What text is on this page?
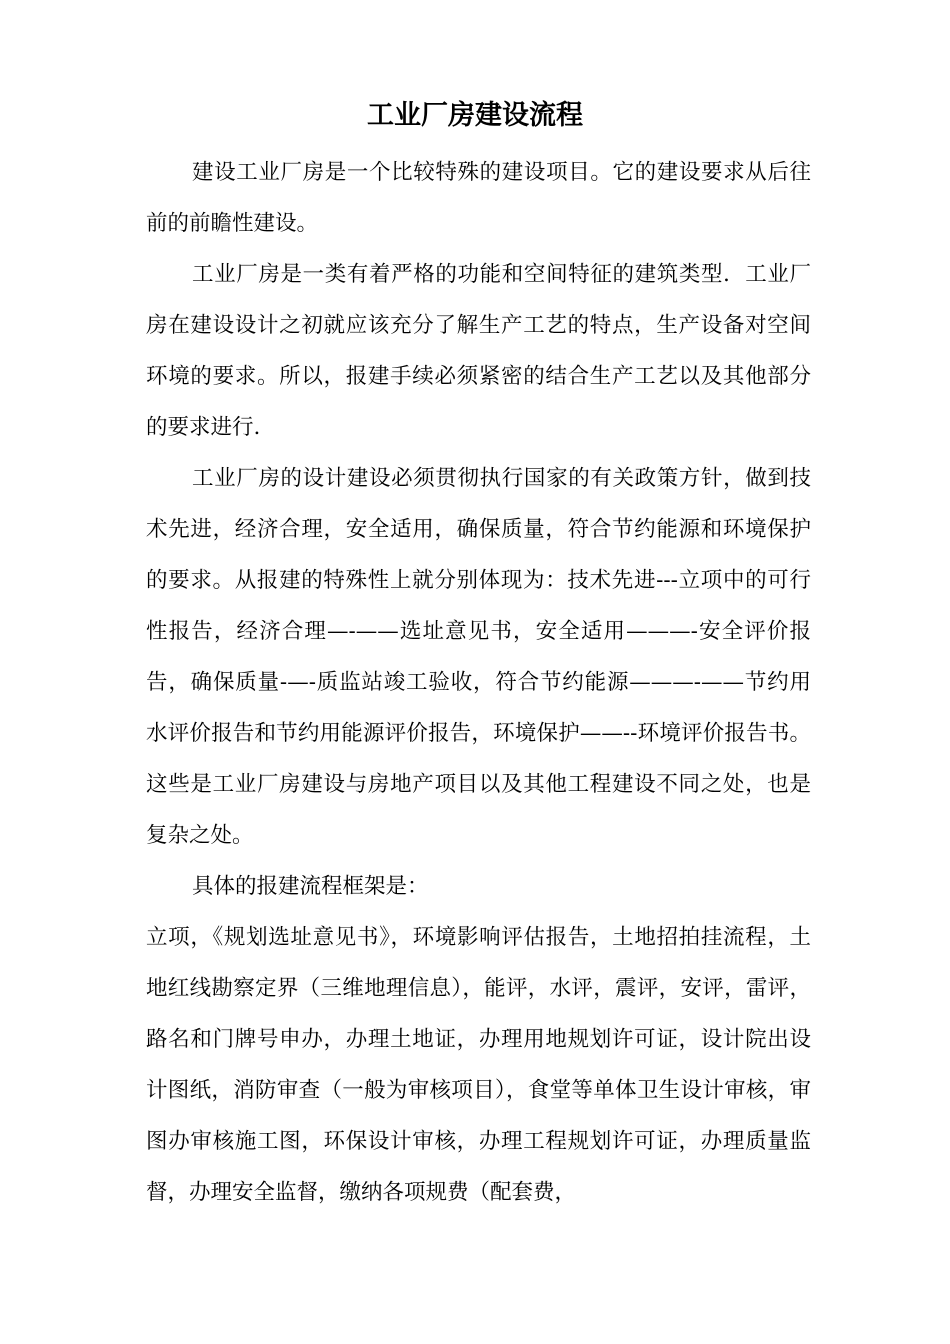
工业厂房建设流程

建设工业厂房是一个比较特殊的建设项目。它的建设要求从后往前的前瞻性建设。

工业厂房是一类有着严格的功能和空间特征的建筑类型．工业厂房在建设设计之初就应该充分了解生产工艺的特点，生产设备对空间环境的要求。所以，报建手续必须紧密的结合生产工艺以及其他部分的要求进行.

工业厂房的设计建设必须贯彻执行国家的有关政策方针，做到技术先进，经济合理，安全适用，确保质量，符合节约能源和环境保护的要求。从报建的特殊性上就分别体现为：技术先进---立项中的可行性报告，经济合理—-——选址意见书，安全适用———-安全评价报告，确保质量-—-质监站竣工验收，符合节约能源———-——节约用水评价报告和节约用能源评价报告，环境保护——--环境评价报告书。这些是工业厂房建设与房地产项目以及其他工程建设不同之处，也是复杂之处。

具体的报建流程框架是：

立项，《规划选址意见书》，环境影响评估报告，土地招拍挂流程，土地红线勘察定界（三维地理信息），能评，水评，震评，安评，雷评，路名和门牌号申办，办理土地证，办理用地规划许可证，设计院出设计图纸，消防审查（一般为审核项目），食堂等单体卫生设计审核，审图办审核施工图，环保设计审核，办理工程规划许可证，办理质量监督，办理安全监督，缴纳各项规费（配套费，
